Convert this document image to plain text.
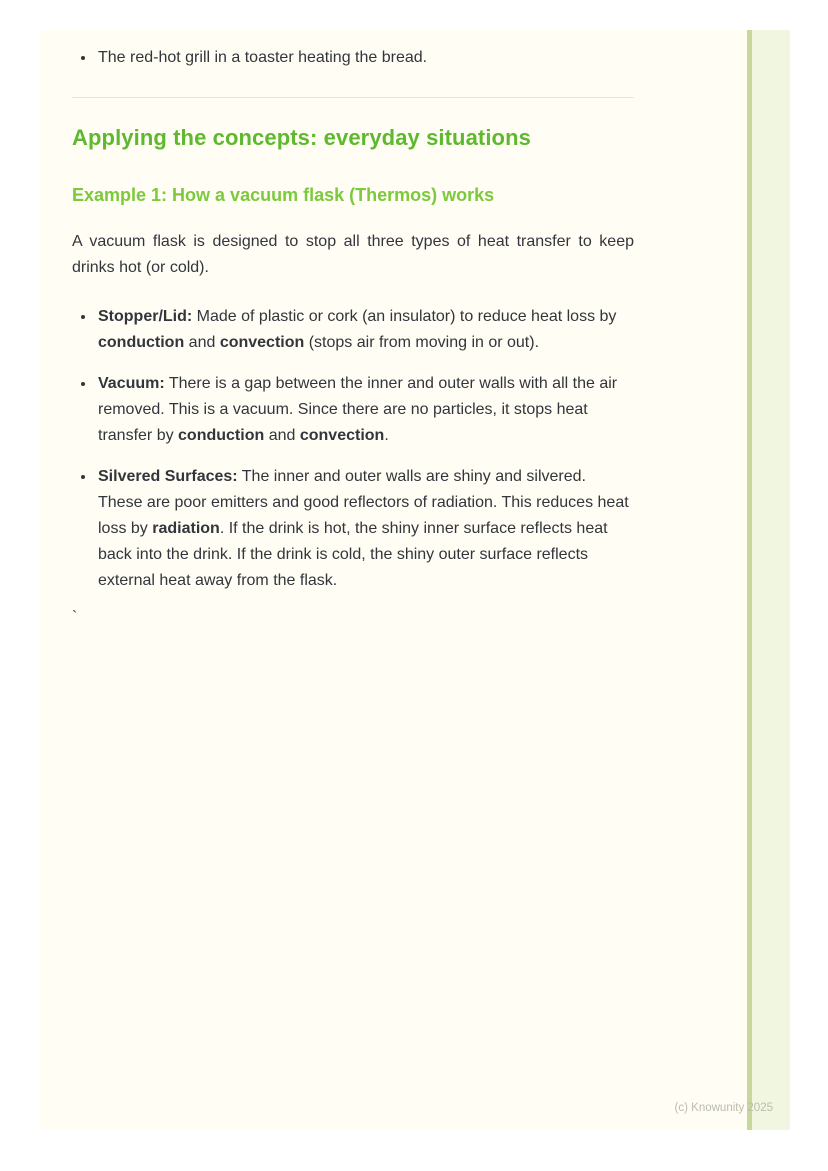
• The red-hot grill in a toaster heating the bread.
Applying the concepts: everyday situations
Example 1: How a vacuum flask (Thermos) works

A vacuum flask is designed to stop all three types of heat transfer to keep drinks hot (or cold).

• Stopper/Lid: Made of plastic or cork (an insulator) to reduce heat loss by conduction and convection (stops air from moving in or out).
• Vacuum: There is a gap between the inner and outer walls with all the air removed. This is a vacuum. Since there are no particles, it stops heat transfer by conduction and convection.
• Silvered Surfaces: The inner and outer walls are shiny and silvered. These are poor emitters and good reflectors of radiation. This reduces heat loss by radiation. If the drink is hot, the shiny inner surface reflects heat back into the drink. If the drink is cold, the shiny outer surface reflects external heat away from the flask.

`

(c) Knowunity 2025
